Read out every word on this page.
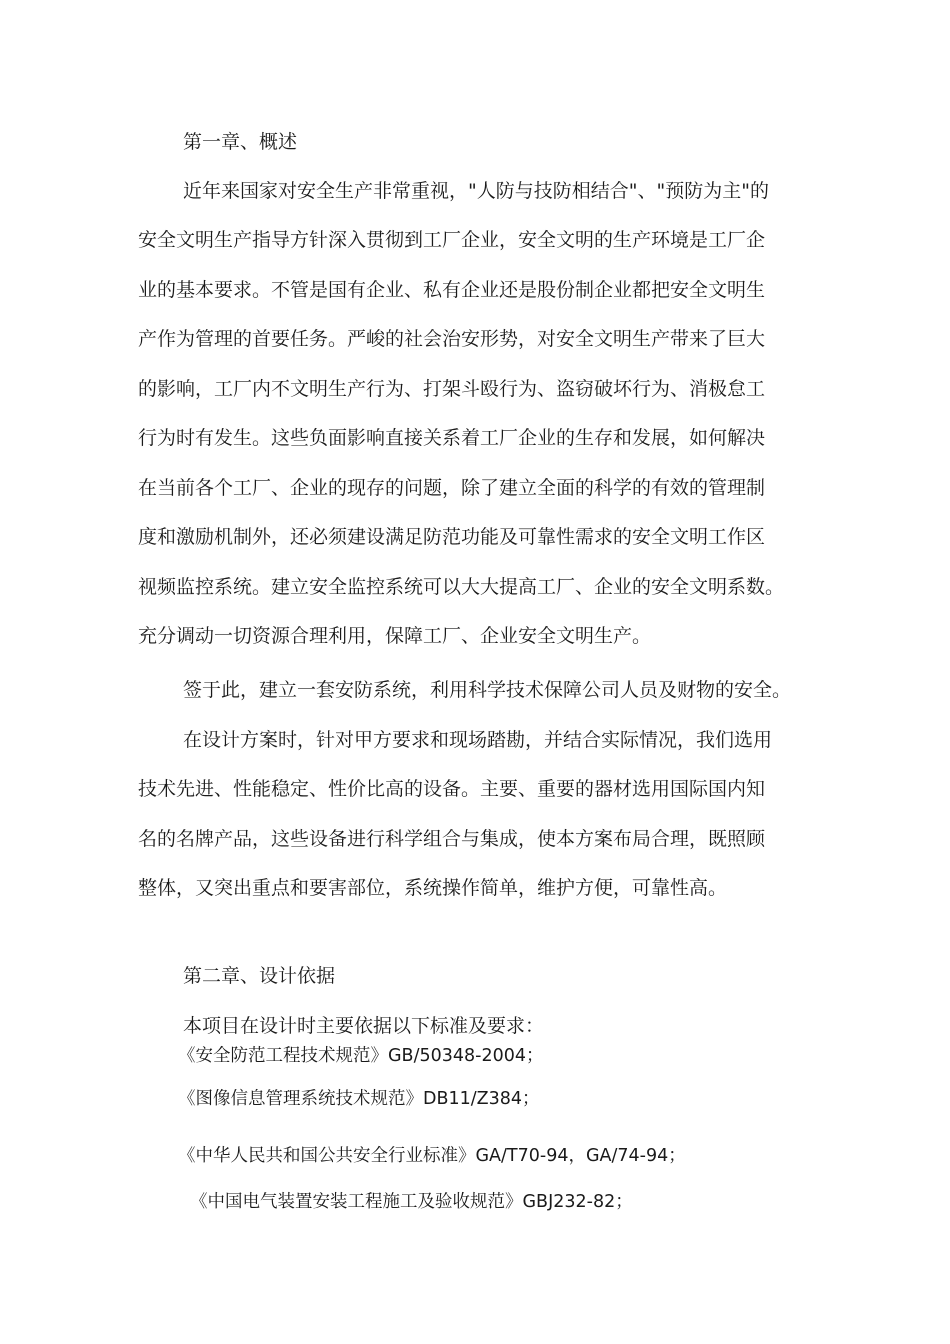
第一章、概述
近年来国家对安全生产非常重视，"人防与技防相结合"、"预防为主"的
安全文明生产指导方针深入贯彻到工厂企业，安全文明的生产环境是工厂企
业的基本要求。不管是国有企业、私有企业还是股份制企业都把安全文明生
产作为管理的首要任务。严峻的社会治安形势，对安全文明生产带来了巨大
的影响，工厂内不文明生产行为、打架斗殴行为、盗窃破坏行为、消极怠工
行为时有发生。这些负面影响直接关系着工厂企业的生存和发展，如何解决
在当前各个工厂、企业的现存的问题，除了建立全面的科学的有效的管理制
度和激励机制外，还必须建设满足防范功能及可靠性需求的安全文明工作区
视频监控系统。建立安全监控系统可以大大提高工厂、企业的安全文明系数。
充分调动一切资源合理利用，保障工厂、企业安全文明生产。
签于此，建立一套安防系统，利用科学技术保障公司人员及财物的安全。
在设计方案时，针对甲方要求和现场踏勘，并结合实际情况，我们选用
技术先进、性能稳定、性价比高的设备。主要、重要的器材选用国际国内知
名的名牌产品，这些设备进行科学组合与集成，使本方案布局合理，既照顾
整体，又突出重点和要害部位，系统操作简单，维护方便，可靠性高。
第二章、设计依据
本项目在设计时主要依据以下标准及要求：
《安全防范工程技术规范》GB/50348-2004；
《图像信息管理系统技术规范》DB11/Z384；
《中华人民共和国公共安全行业标准》GA/T70-94，GA/74-94；
《中国电气装置安装工程施工及验收规范》GBJ232-82；
